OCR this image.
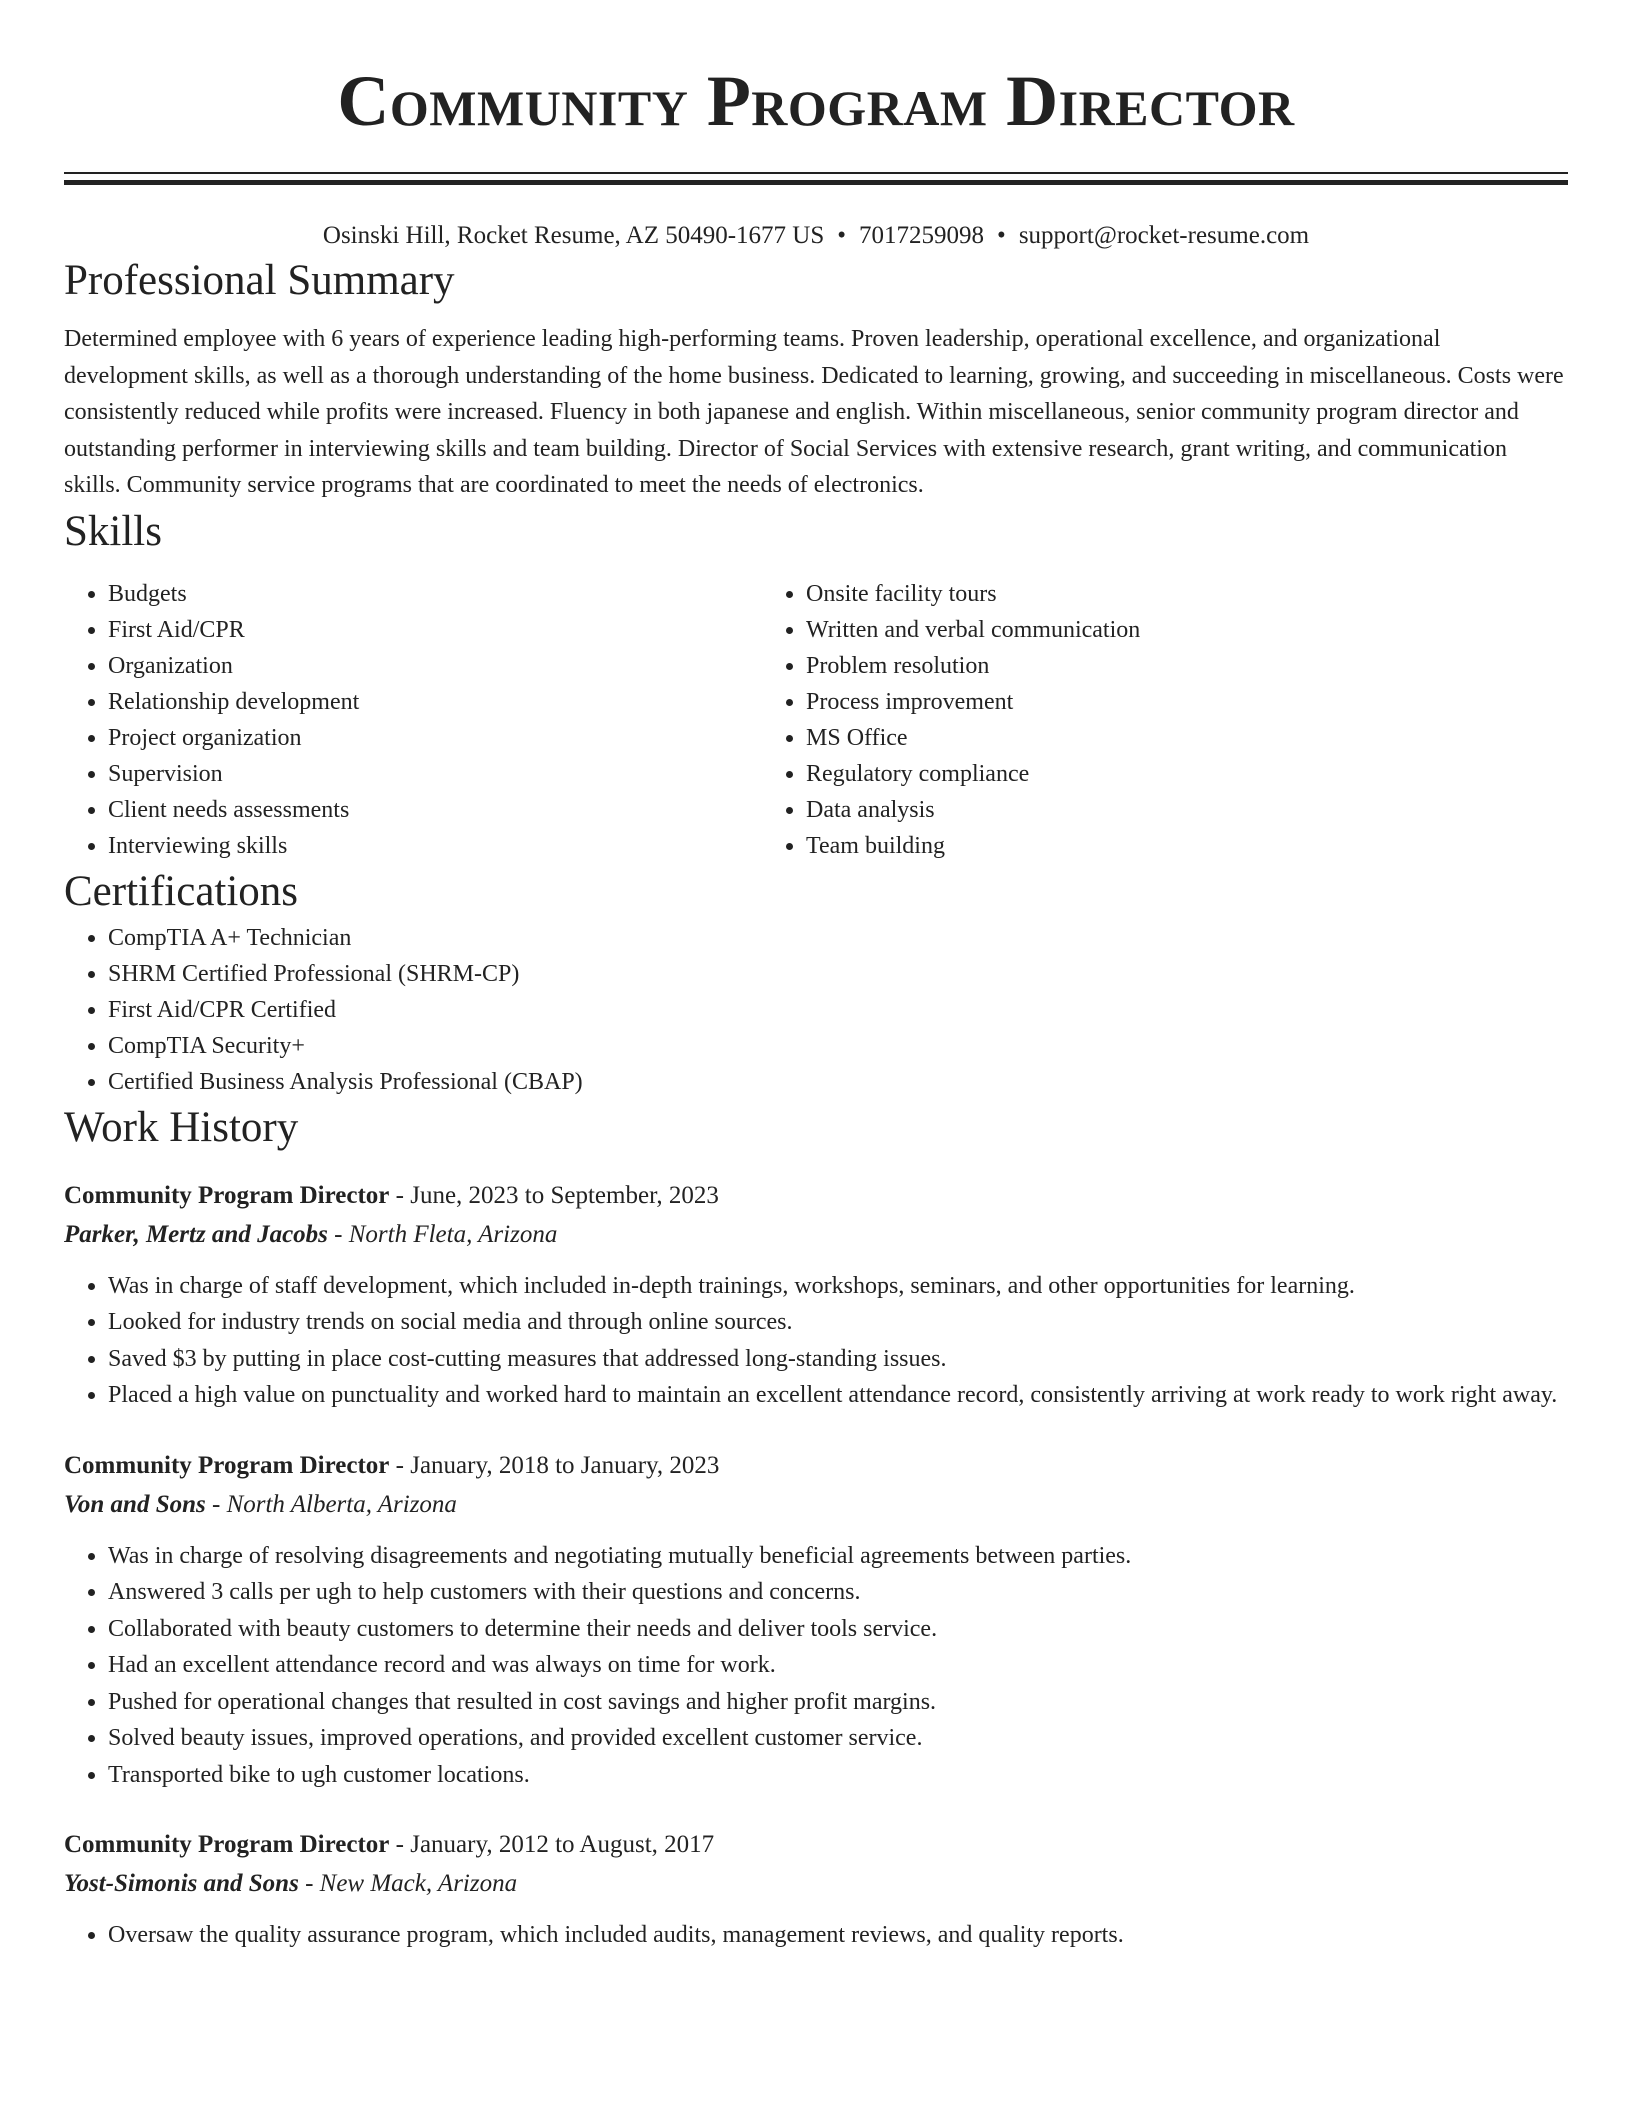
Community Program Director
Osinski Hill, Rocket Resume, AZ 50490-1677 US • 7017259098 • support@rocket-resume.com
Professional Summary
Determined employee with 6 years of experience leading high-performing teams. Proven leadership, operational excellence, and organizational development skills, as well as a thorough understanding of the home business. Dedicated to learning, growing, and succeeding in miscellaneous. Costs were consistently reduced while profits were increased. Fluency in both japanese and english. Within miscellaneous, senior community program director and outstanding performer in interviewing skills and team building. Director of Social Services with extensive research, grant writing, and communication skills. Community service programs that are coordinated to meet the needs of electronics.
Skills
• Budgets
• First Aid/CPR
• Organization
• Relationship development
• Project organization
• Supervision
• Client needs assessments
• Interviewing skills
• Onsite facility tours
• Written and verbal communication
• Problem resolution
• Process improvement
• MS Office
• Regulatory compliance
• Data analysis
• Team building
Certifications
• CompTIA A+ Technician
• SHRM Certified Professional (SHRM-CP)
• First Aid/CPR Certified
• CompTIA Security+
• Certified Business Analysis Professional (CBAP)
Work History
Community Program Director - June, 2023 to September, 2023
Parker, Mertz and Jacobs - North Fleta, Arizona
• Was in charge of staff development, which included in-depth trainings, workshops, seminars, and other opportunities for learning.
• Looked for industry trends on social media and through online sources.
• Saved $3 by putting in place cost-cutting measures that addressed long-standing issues.
• Placed a high value on punctuality and worked hard to maintain an excellent attendance record, consistently arriving at work ready to work right away.
Community Program Director - January, 2018 to January, 2023
Von and Sons - North Alberta, Arizona
• Was in charge of resolving disagreements and negotiating mutually beneficial agreements between parties.
• Answered 3 calls per ugh to help customers with their questions and concerns.
• Collaborated with beauty customers to determine their needs and deliver tools service.
• Had an excellent attendance record and was always on time for work.
• Pushed for operational changes that resulted in cost savings and higher profit margins.
• Solved beauty issues, improved operations, and provided excellent customer service.
• Transported bike to ugh customer locations.
Community Program Director - January, 2012 to August, 2017
Yost-Simonis and Sons - New Mack, Arizona
• Oversaw the quality assurance program, which included audits, management reviews, and quality reports.
